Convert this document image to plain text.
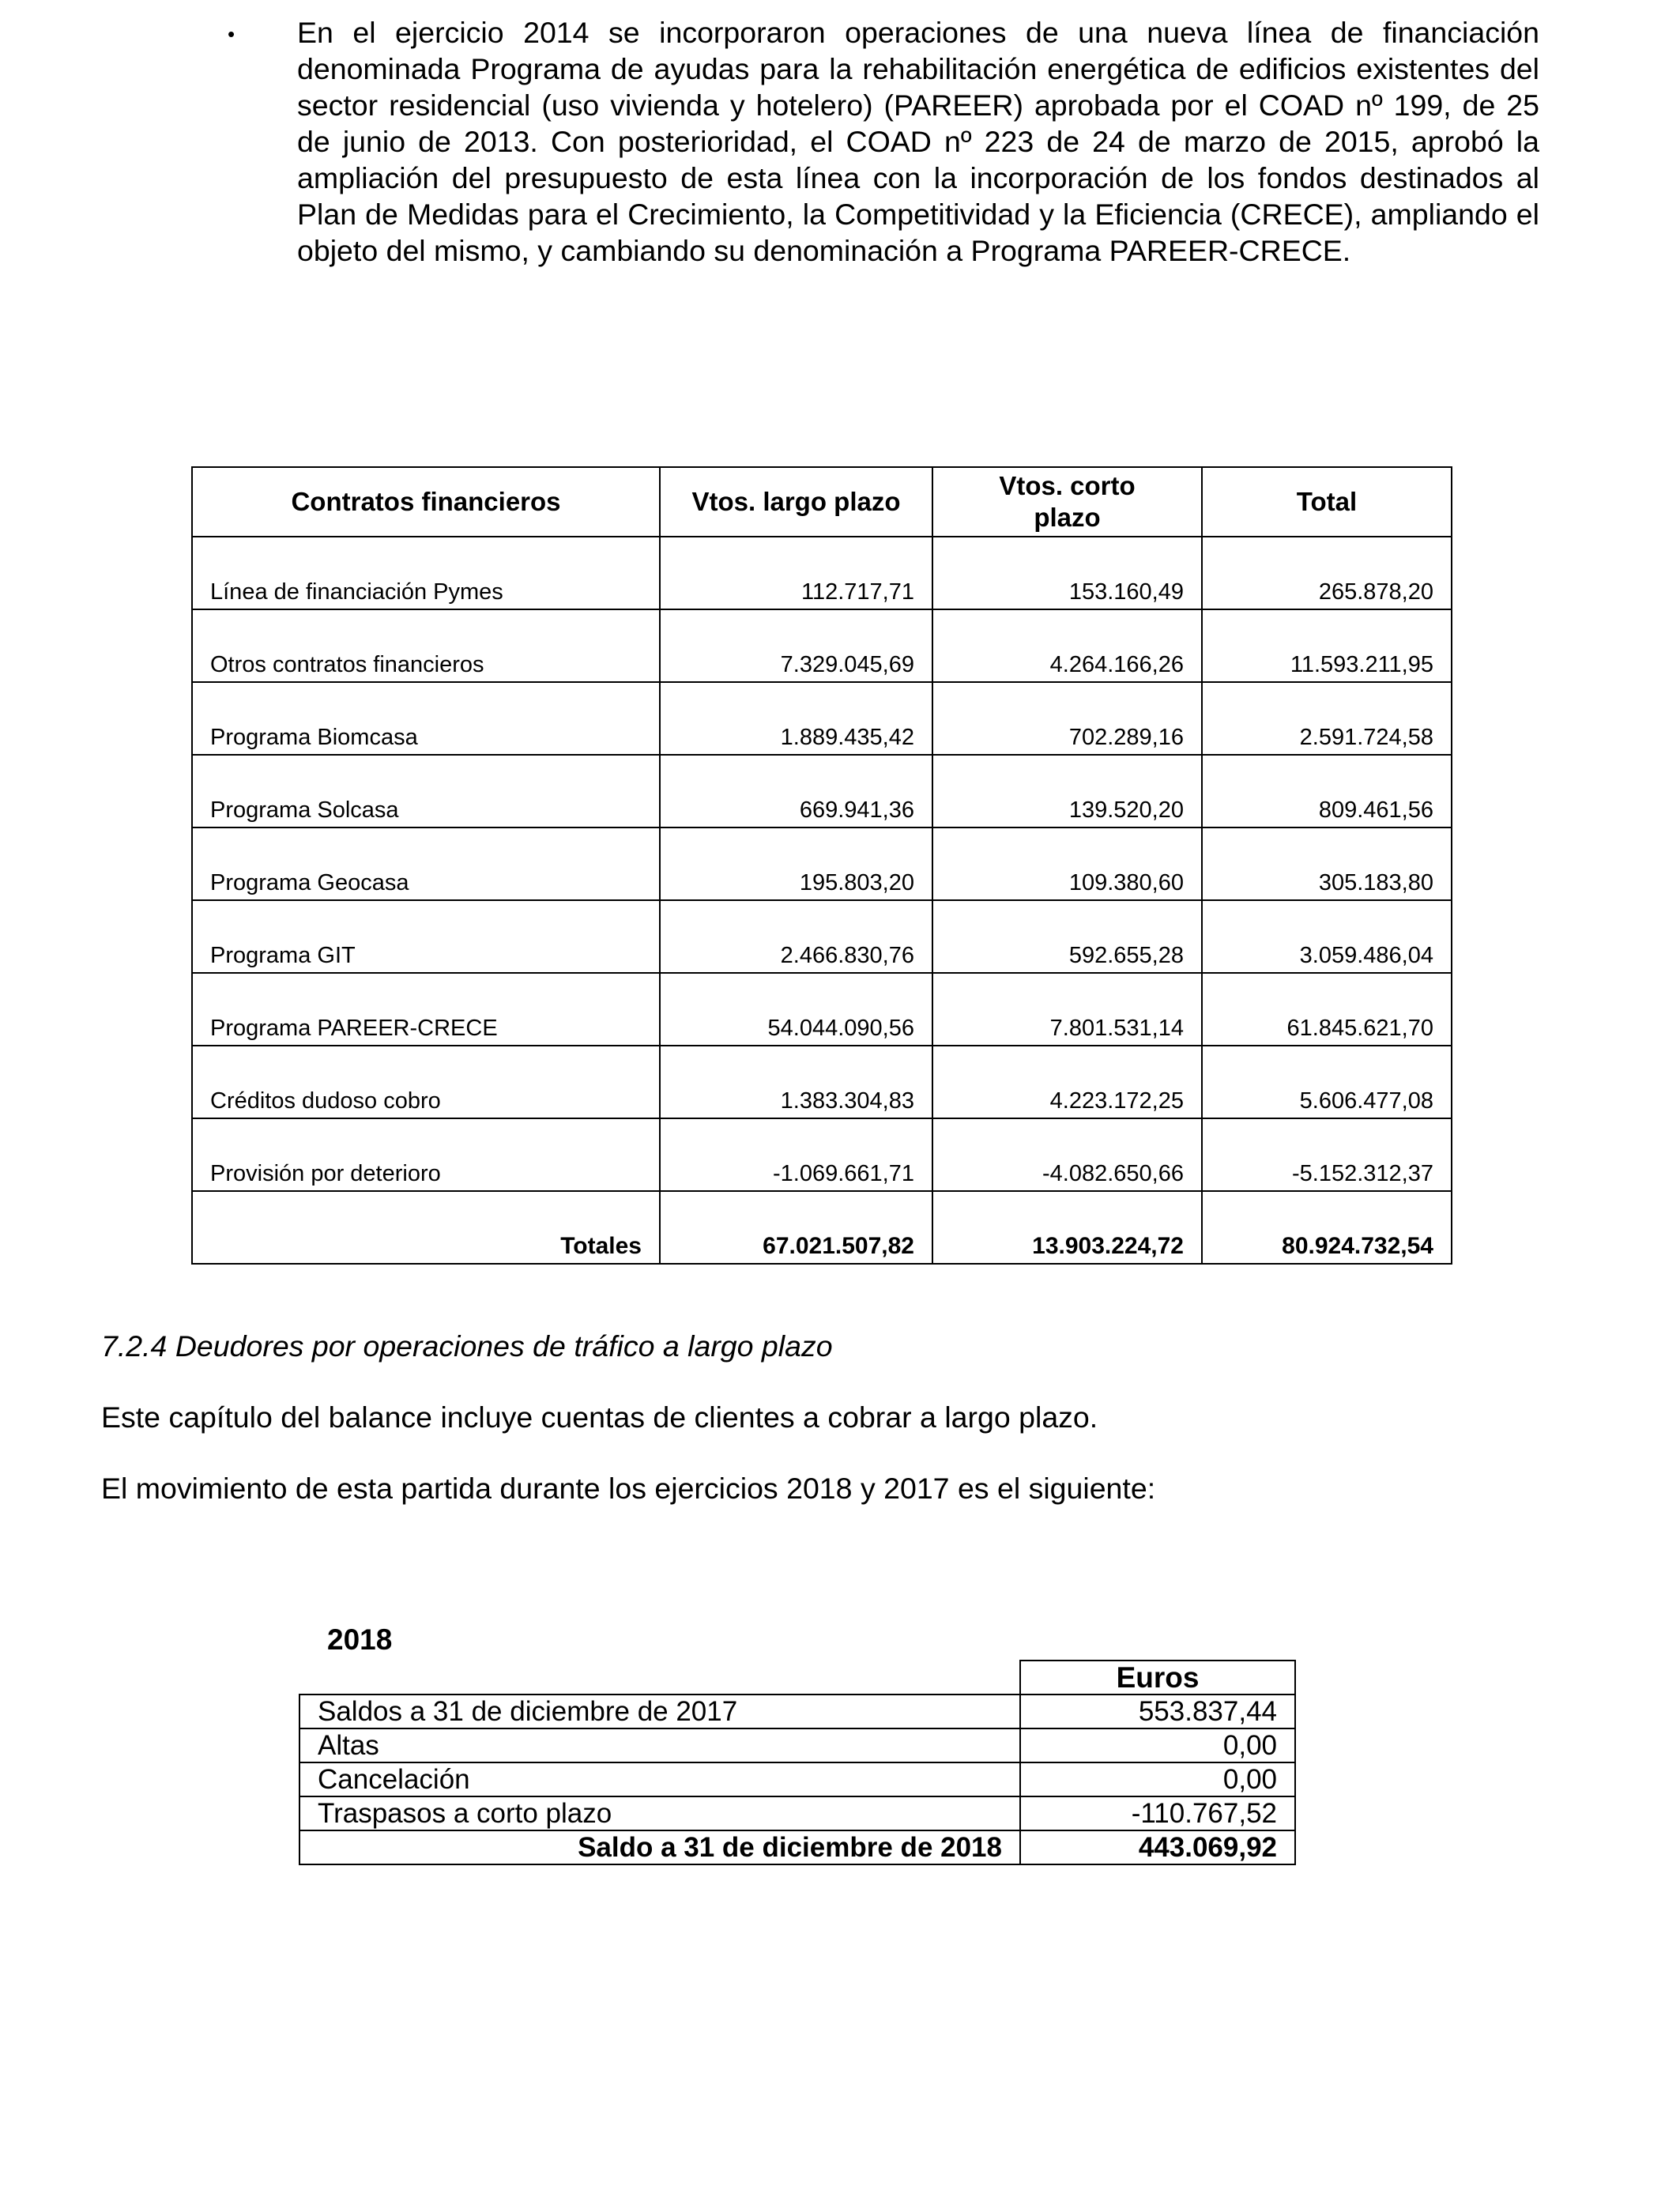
• En el ejercicio 2014 se incorporaron operaciones de una nueva línea de financiación denominada Programa de ayudas para la rehabilitación energética de edificios existentes del sector residencial (uso vivienda y hotelero) (PAREER) aprobada por el COAD nº 199, de 25 de junio de 2013. Con posterioridad, el COAD nº 223 de 24 de marzo de 2015, aprobó la ampliación del presupuesto de esta línea con la incorporación de los fondos destinados al Plan de Medidas para el Crecimiento, la Competitividad y la Eficiencia (CRECE), ampliando el objeto del mismo, y cambiando su denominación a Programa PAREER-CRECE.
Contratos financieros	Vtos. largo plazo	Vtos. corto plazo	Total
Línea de financiación Pymes	112.717,71	153.160,49	265.878,20
Otros contratos financieros	7.329.045,69	4.264.166,26	11.593.211,95
Programa Biomcasa	1.889.435,42	702.289,16	2.591.724,58
Programa Solcasa	669.941,36	139.520,20	809.461,56
Programa Geocasa	195.803,20	109.380,60	305.183,80
Programa GIT	2.466.830,76	592.655,28	3.059.486,04
Programa PAREER-CRECE	54.044.090,56	7.801.531,14	61.845.621,70
Créditos dudoso cobro	1.383.304,83	4.223.172,25	5.606.477,08
Provisión por deterioro	-1.069.661,71	-4.082.650,66	-5.152.312,37
Totales	67.021.507,82	13.903.224,72	80.924.732,54
7.2.4 Deudores por operaciones de tráfico a largo plazo
Este capítulo del balance incluye cuentas de clientes a cobrar a largo plazo.
El movimiento de esta partida durante los ejercicios 2018 y 2017 es el siguiente:
2018
	Euros
Saldos a 31 de diciembre de 2017	553.837,44
Altas	0,00
Cancelación	0,00
Traspasos a corto plazo	-110.767,52
Saldo a 31 de diciembre de 2018	443.069,92
